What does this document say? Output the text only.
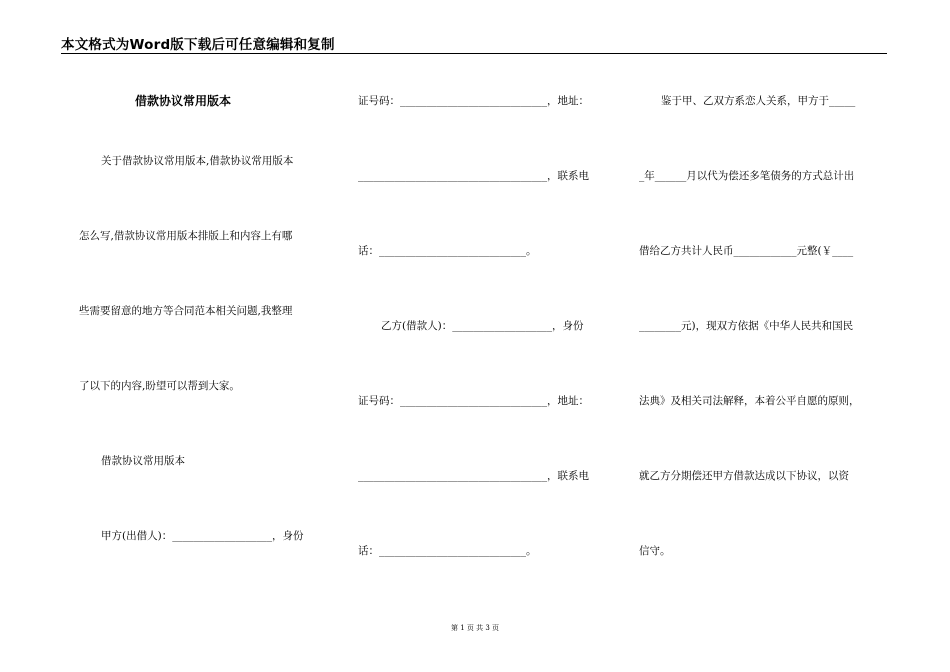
本文格式为Word版下载后可任意编辑和复制
借款协议常用版本
关于借款协议常用版本,借款协议常用版本
怎么写,借款协议常用版本排版上和内容上有哪
些需要留意的地方等合同范本相关问题,我整理
了以下的内容,盼望可以帮到大家。
借款协议常用版本
甲方(出借人)：___________________，身份
证号码：____________________________，地址：
____________________________________，联系电
话：____________________________。
乙方(借款人)：___________________，身份
证号码：____________________________，地址：
____________________________________，联系电
话：____________________________。
鉴于甲、乙双方系恋人关系，甲方于_____
_年______月以代为偿还多笔债务的方式总计出
借给乙方共计人民币____________元整(￥____
________元)，现双方依据《中华人民共和国民
法典》及相关司法解释，本着公平自愿的原则，
就乙方分期偿还甲方借款达成以下协议，以资
信守。
第 1 页 共 3 页
